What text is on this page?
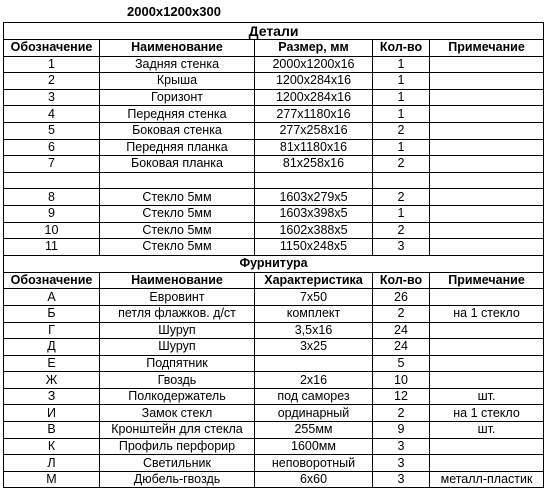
2000x1200x300
Детали				
Обозначение	Наименование	Размер, мм	Кол-во	Примечание
1	Задняя стенка	2000x1200x16	1	
2	Крыша	1200x284x16	1	
3	Горизонт	1200x284x16	1	
4	Передняя стенка	277x1180x16	1	
5	Боковая стенка	277x258x16	2	
6	Передняя планка	81x1180x16	1	
7	Боковая планка	81x258x16	2	

8	Стекло 5мм	1603x279x5	2	
9	Стекло 5мм	1603x398x5	1	
10	Стекло 5мм	1602x388x5	2	
11	Стекло 5мм	1150x248x5	3	
Фурнитура				
Обозначение	Наименование	Характеристика	Кол-во	Примечание
А	Евровинт	7x50	26	
Б	петля флажков. д/ст	комплект	2	на 1 стекло
Г	Шуруп	3,5x16	24	
Д	Шуруп	3x25	24	
Е	Подпятник		5	
Ж	Гвоздь	2x16	10	
З	Полкодержатель	под саморез	12	шт.
И	Замок стекл	ординарный	2	на 1 стекло
В	Кронштейн для стекла	255мм	9	шт.
К	Профиль перфорир	1600мм	3	
Л	Светильник	неповоротный	3	
М	Дюбель-гвоздь	6x60	3	металл-пластик
